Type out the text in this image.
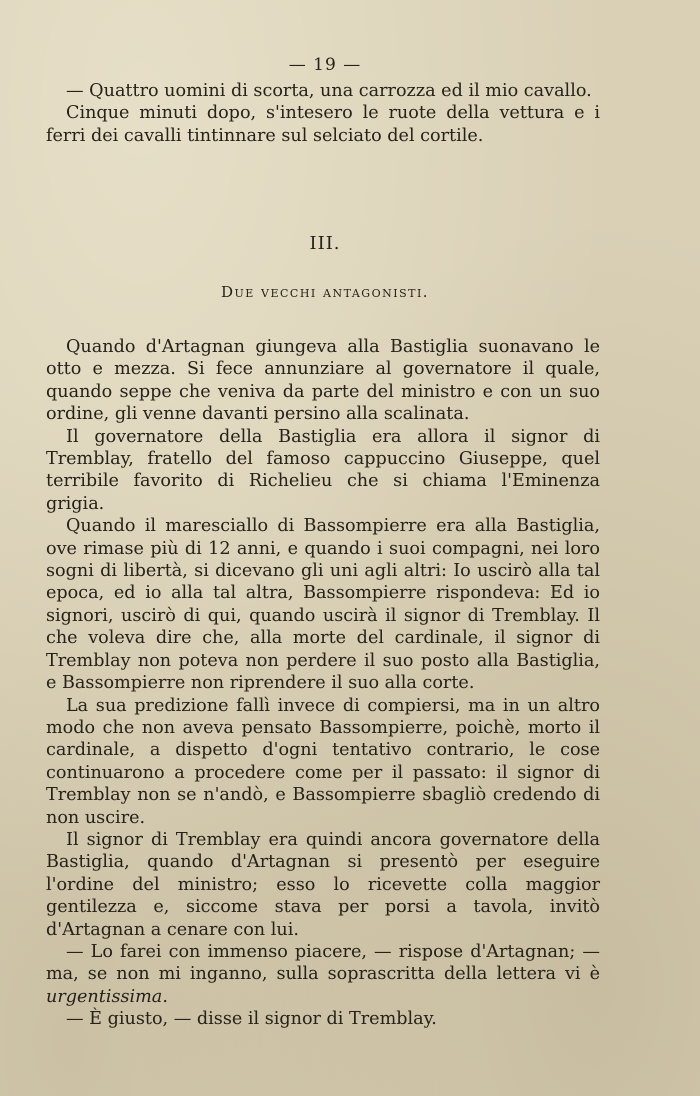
— 19 —

— Quattro uomini di scorta, una carrozza ed il mio cavallo.

Cinque minuti dopo, s'intesero le ruote della vettura e i ferri dei cavalli tintinnare sul selciato del cortile.

III.
Due vecchi antagonisti.

Quando d'Artagnan giungeva alla Bastiglia suonavano le otto e mezza. Si fece annunziare al governatore il quale, quando seppe che veniva da parte del ministro e con un suo ordine, gli venne davanti persino alla scalinata.

Il governatore della Bastiglia era allora il signor di Tremblay, fratello del famoso cappuccino Giuseppe, quel terribile favorito di Richelieu che si chiama l'Eminenza grigia.

Quando il maresciallo di Bassompierre era alla Bastiglia, ove rimase più di 12 anni, e quando i suoi compagni, nei loro sogni di libertà, si dicevano gli uni agli altri: Io uscirò alla tal epoca, ed io alla tal altra, Bassompierre rispondeva: Ed io signori, uscirò di qui, quando uscirà il signor di Tremblay. Il che voleva dire che, alla morte del cardinale, il signor di Tremblay non poteva non perdere il suo posto alla Bastiglia, e Bassompierre non riprendere il suo alla corte.

La sua predizione fallì invece di compiersi, ma in un altro modo che non aveva pensato Bassompierre, poichè, morto il cardinale, a dispetto d'ogni tentativo contrario, le cose continuarono a procedere come per il passato: il signor di Tremblay non se n'andò, e Bassompierre sbagliò credendo di non uscire.

Il signor di Tremblay era quindi ancora governatore della Bastiglia, quando d'Artagnan si presentò per eseguire l'ordine del ministro; esso lo ricevette colla maggior gentilezza e, siccome stava per porsi a tavola, invitò d'Artagnan a cenare con lui.

— Lo farei con immenso piacere, — rispose d'Artagnan; — ma, se non mi inganno, sulla soprascritta della lettera vi è urgentissima.

— È giusto, — disse il signor di Tremblay.
